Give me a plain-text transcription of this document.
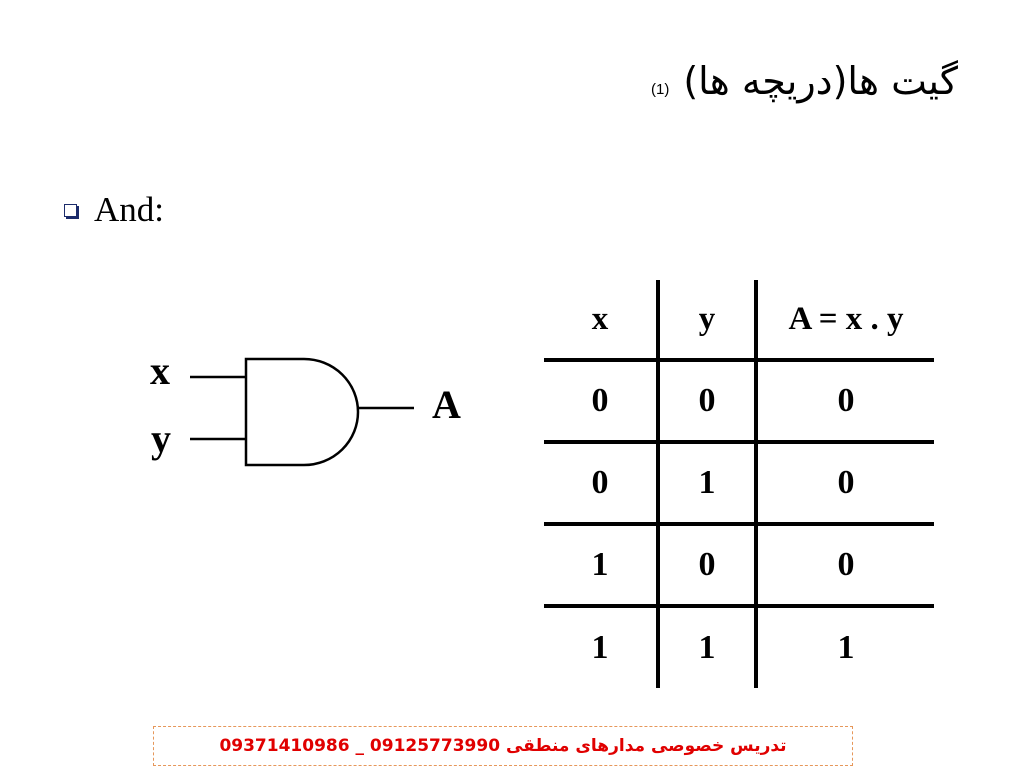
گیت ها(دریچه ها)
(1)
And:
x
y
A
x	y	A = x . y
0	0	0
0	1	0
1	0	0
1	1	1
تدریس خصوصی مدارهای منطقی 09125773990 _ 09371410986
